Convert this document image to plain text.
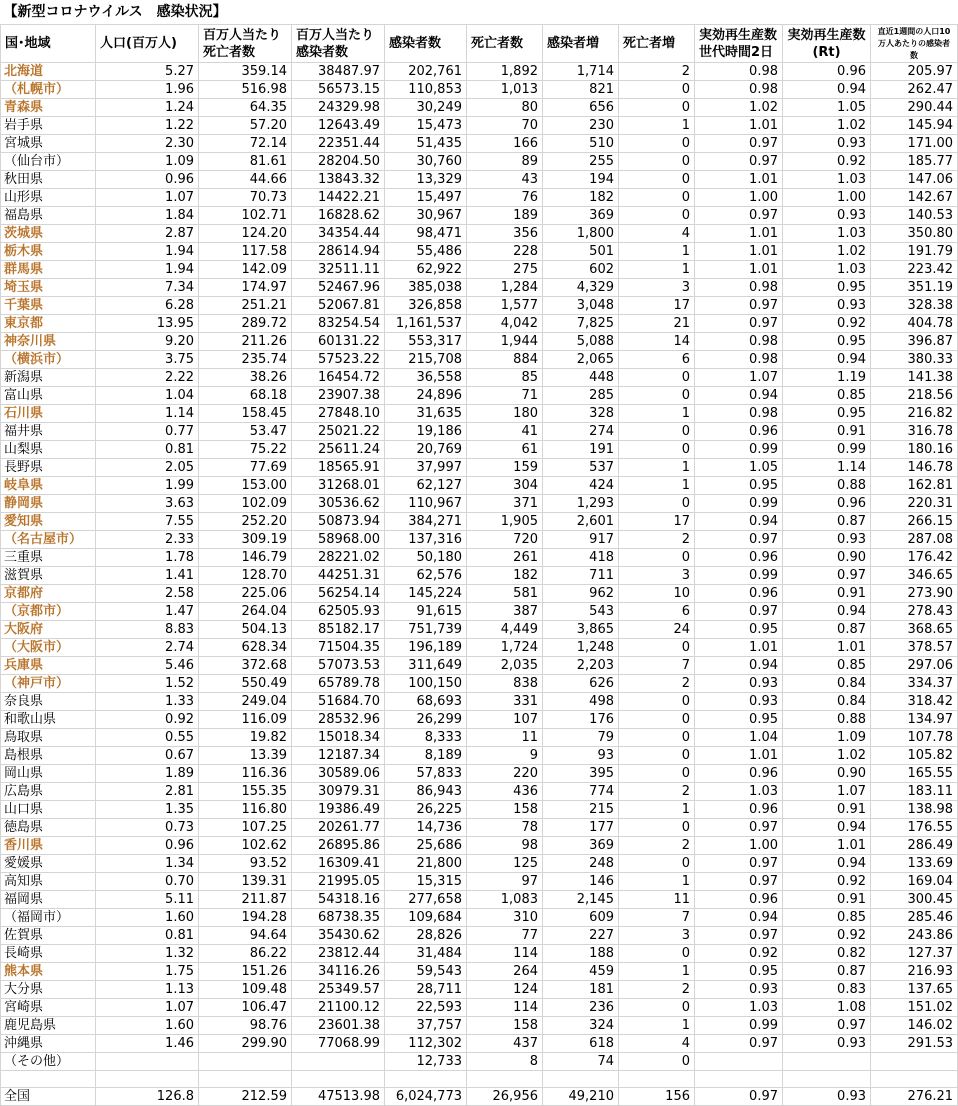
【新型コロナウイルス　感染状況】										
国･地域	人口(百万人)	百万人当たり死亡者数	百万人当たり感染者数	感染者数	死亡者数	感染者増	死亡者増	実効再生産数世代時間2日	実効再生産数(Rt)	直近1週間の人口10万人あたりの感染者数
北海道	5.27	359.14	38487.97	202,761	1,892	1,714	2	0.98	0.96	205.97
（札幌市）	1.96	516.98	56573.15	110,853	1,013	821	0	0.98	0.94	262.47
青森県	1.24	64.35	24329.98	30,249	80	656	0	1.02	1.05	290.44
岩手県	1.22	57.20	12643.49	15,473	70	230	1	1.01	1.02	145.94
宮城県	2.30	72.14	22351.44	51,435	166	510	0	0.97	0.93	171.00
（仙台市）	1.09	81.61	28204.50	30,760	89	255	0	0.97	0.92	185.77
秋田県	0.96	44.66	13843.32	13,329	43	194	0	1.01	1.03	147.06
山形県	1.07	70.73	14422.21	15,497	76	182	0	1.00	1.00	142.67
福島県	1.84	102.71	16828.62	30,967	189	369	0	0.97	0.93	140.53
茨城県	2.87	124.20	34354.44	98,471	356	1,800	4	1.01	1.03	350.80
栃木県	1.94	117.58	28614.94	55,486	228	501	1	1.01	1.02	191.79
群馬県	1.94	142.09	32511.11	62,922	275	602	1	1.01	1.03	223.42
埼玉県	7.34	174.97	52467.96	385,038	1,284	4,329	3	0.98	0.95	351.19
千葉県	6.28	251.21	52067.81	326,858	1,577	3,048	17	0.97	0.93	328.38
東京都	13.95	289.72	83254.54	1,161,537	4,042	7,825	21	0.97	0.92	404.78
神奈川県	9.20	211.26	60131.22	553,317	1,944	5,088	14	0.98	0.95	396.87
（横浜市）	3.75	235.74	57523.22	215,708	884	2,065	6	0.98	0.94	380.33
新潟県	2.22	38.26	16454.72	36,558	85	448	0	1.07	1.19	141.38
富山県	1.04	68.18	23907.38	24,896	71	285	0	0.94	0.85	218.56
石川県	1.14	158.45	27848.10	31,635	180	328	1	0.98	0.95	216.82
福井県	0.77	53.47	25021.22	19,186	41	274	0	0.96	0.91	316.78
山梨県	0.81	75.22	25611.24	20,769	61	191	0	0.99	0.99	180.16
長野県	2.05	77.69	18565.91	37,997	159	537	1	1.05	1.14	146.78
岐阜県	1.99	153.00	31268.01	62,127	304	424	1	0.95	0.88	162.81
静岡県	3.63	102.09	30536.62	110,967	371	1,293	0	0.99	0.96	220.31
愛知県	7.55	252.20	50873.94	384,271	1,905	2,601	17	0.94	0.87	266.15
（名古屋市）	2.33	309.19	58968.00	137,316	720	917	2	0.97	0.93	287.08
三重県	1.78	146.79	28221.02	50,180	261	418	0	0.96	0.90	176.42
滋賀県	1.41	128.70	44251.31	62,576	182	711	3	0.99	0.97	346.65
京都府	2.58	225.06	56254.14	145,224	581	962	10	0.96	0.91	273.90
（京都市）	1.47	264.04	62505.93	91,615	387	543	6	0.97	0.94	278.43
大阪府	8.83	504.13	85182.17	751,739	4,449	3,865	24	0.95	0.87	368.65
（大阪市）	2.74	628.34	71504.35	196,189	1,724	1,248	0	1.01	1.01	378.57
兵庫県	5.46	372.68	57073.53	311,649	2,035	2,203	7	0.94	0.85	297.06
（神戸市）	1.52	550.49	65789.78	100,150	838	626	2	0.93	0.84	334.37
奈良県	1.33	249.04	51684.70	68,693	331	498	0	0.93	0.84	318.42
和歌山県	0.92	116.09	28532.96	26,299	107	176	0	0.95	0.88	134.97
鳥取県	0.55	19.82	15018.34	8,333	11	79	0	1.04	1.09	107.78
島根県	0.67	13.39	12187.34	8,189	9	93	0	1.01	1.02	105.82
岡山県	1.89	116.36	30589.06	57,833	220	395	0	0.96	0.90	165.55
広島県	2.81	155.35	30979.31	86,943	436	774	2	1.03	1.07	183.11
山口県	1.35	116.80	19386.49	26,225	158	215	1	0.96	0.91	138.98
徳島県	0.73	107.25	20261.77	14,736	78	177	0	0.97	0.94	176.55
香川県	0.96	102.62	26895.86	25,686	98	369	2	1.00	1.01	286.49
愛媛県	1.34	93.52	16309.41	21,800	125	248	0	0.97	0.94	133.69
高知県	0.70	139.31	21995.05	15,315	97	146	1	0.97	0.92	169.04
福岡県	5.11	211.87	54318.16	277,658	1,083	2,145	11	0.96	0.91	300.45
（福岡市）	1.60	194.28	68738.35	109,684	310	609	7	0.94	0.85	285.46
佐賀県	0.81	94.64	35430.62	28,826	77	227	3	0.97	0.92	243.86
長崎県	1.32	86.22	23812.44	31,484	114	188	0	0.92	0.82	127.37
熊本県	1.75	151.26	34116.26	59,543	264	459	1	0.95	0.87	216.93
大分県	1.13	109.48	25349.57	28,711	124	181	2	0.93	0.83	137.65
宮崎県	1.07	106.47	21100.12	22,593	114	236	0	1.03	1.08	151.02
鹿児島県	1.60	98.76	23601.38	37,757	158	324	1	0.99	0.97	146.02
沖縄県	1.46	299.90	77068.99	112,302	437	618	4	0.97	0.93	291.53
（その他）				12,733	8	74	0			

全国	126.8	212.59	47513.98	6,024,773	26,956	49,210	156	0.97	0.93	276.21
